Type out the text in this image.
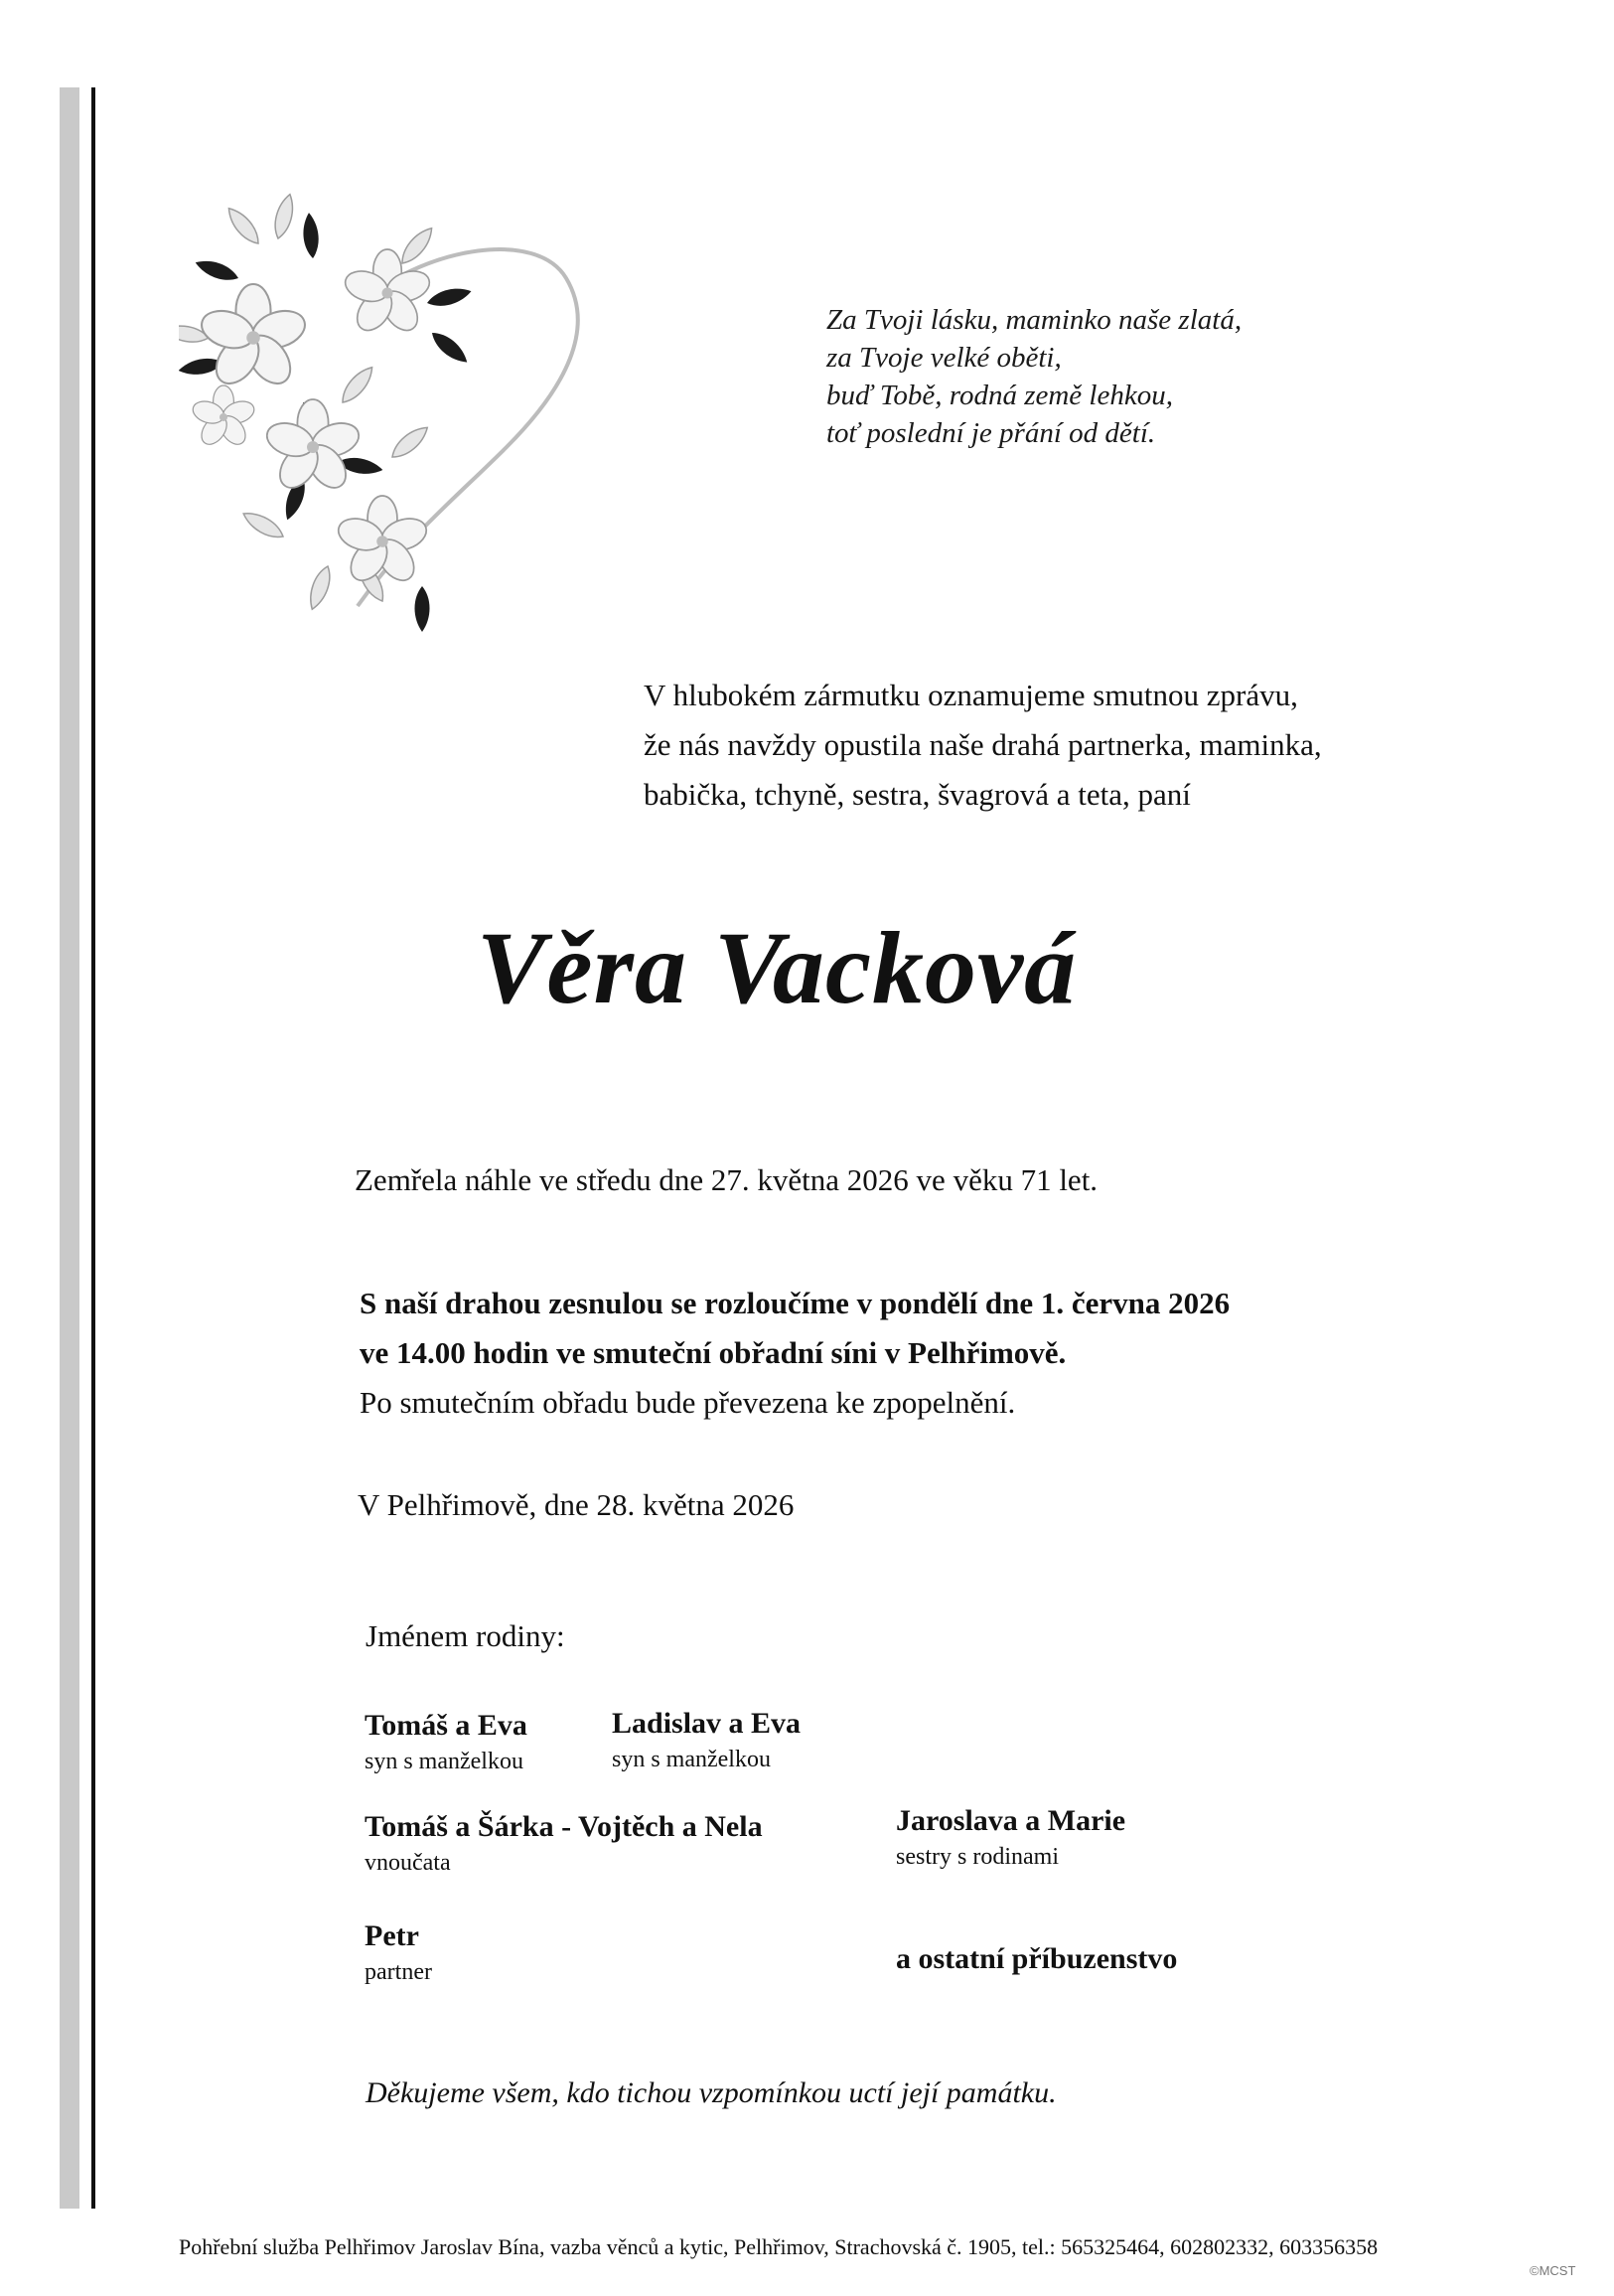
Za Tvoji lásku, maminko naše zlatá,
za Tvoje velké oběti,
buď Tobě, rodná země lehkou,
toť poslední je přání od dětí.
V hlubokém zármutku oznamujeme smutnou zprávu,
že nás navždy opustila naše drahá partnerka, maminka,
babička, tchyně, sestra, švagrová a teta, paní
Věra Vacková
Zemřela náhle ve středu dne 27. května 2026 ve věku 71 let.
S naší drahou zesnulou se rozloučíme v pondělí dne 1. června 2026
ve 14.00 hodin ve smuteční obřadní síni v Pelhřimově.
Po smutečním obřadu bude převezena ke zpopelnění.
V Pelhřimově, dne 28. května 2026
Jménem rodiny:
Tomáš a Eva
syn s manželkou
Ladislav a Eva
syn s manželkou
Tomáš a Šárka - Vojtěch a Nela
vnoučata
Jaroslava a Marie
sestry s rodinami
Petr
partner	a ostatní příbuzenstvo
Děkujeme všem, kdo tichou vzpomínkou uctí její památku.
Pohřební služba Pelhřimov Jaroslav Bína, vazba věnců a kytic, Pelhřimov, Strachovská č. 1905, tel.: 565325464, 602802332, 603356358
©MCST
